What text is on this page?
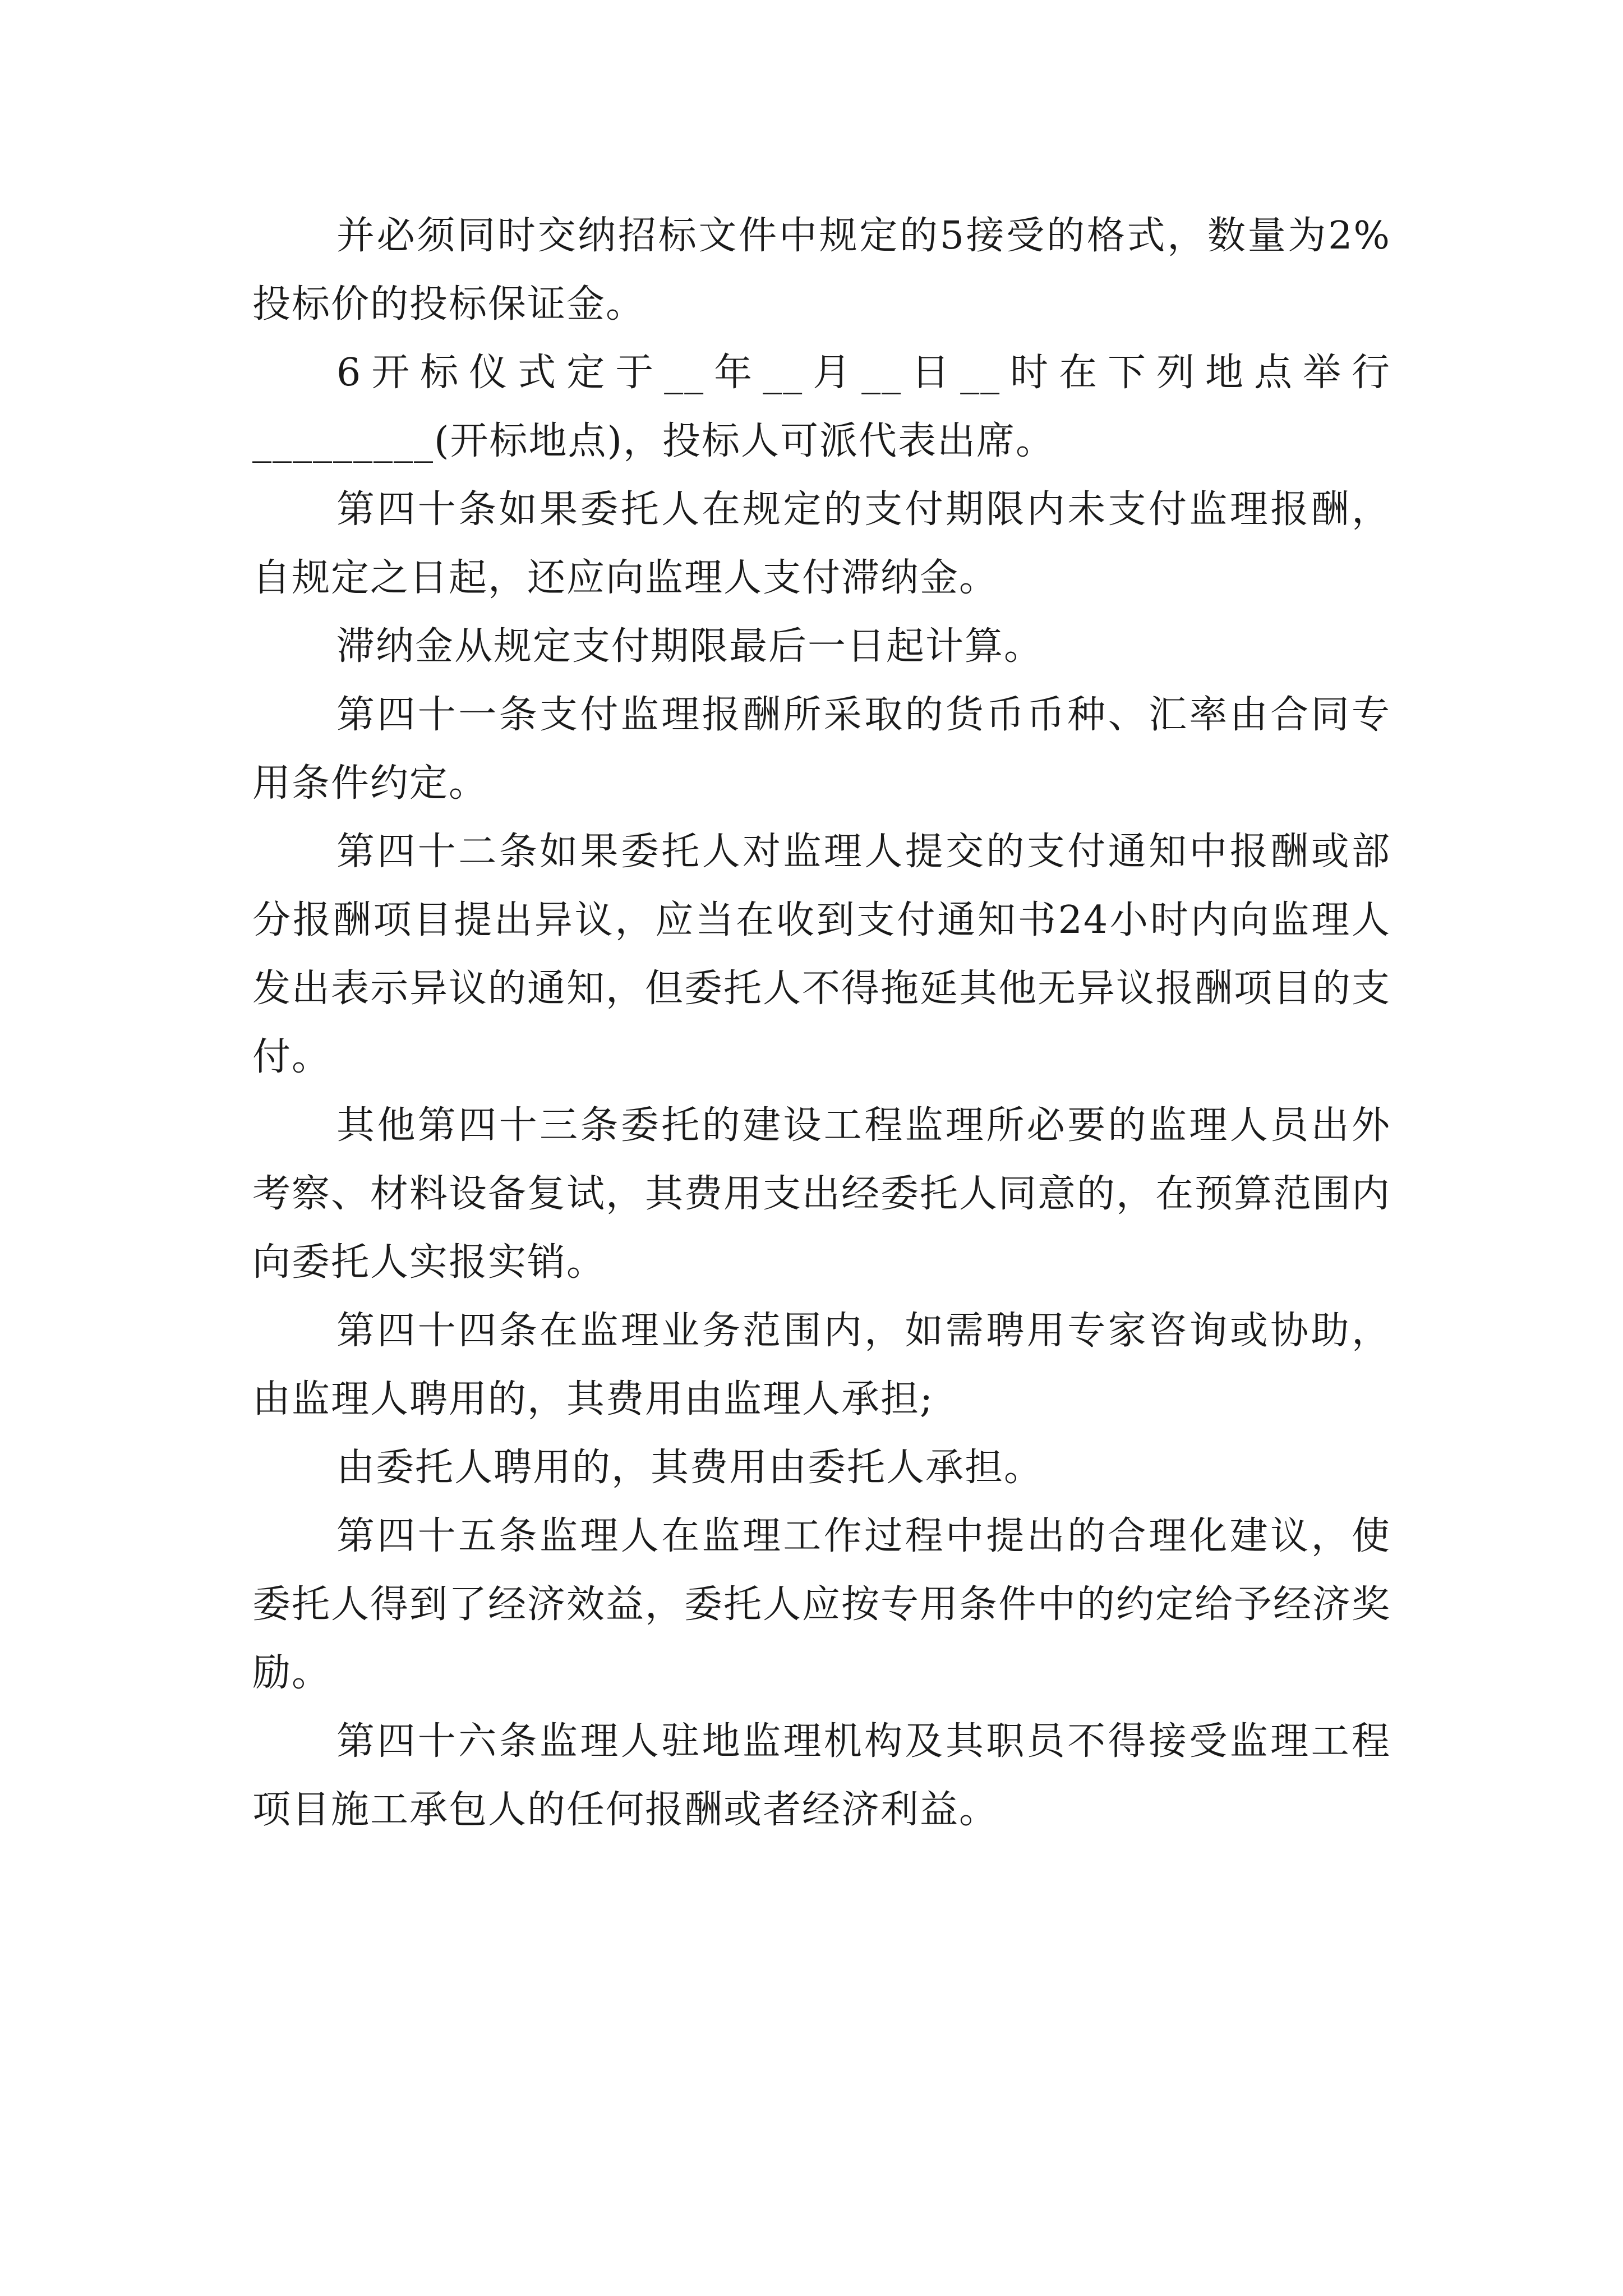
并必须同时交纳招标文件中规定的5接受的格式，数量为2%投标价的投标保证金。

6开标仪式定于__年__月__日__时在下列地点举行_________(开标地点)，投标人可派代表出席。

第四十条如果委托人在规定的支付期限内未支付监理报酬，自规定之日起，还应向监理人支付滞纳金。

滞纳金从规定支付期限最后一日起计算。

第四十一条支付监理报酬所采取的货币币种、汇率由合同专用条件约定。

第四十二条如果委托人对监理人提交的支付通知中报酬或部分报酬项目提出异议，应当在收到支付通知书24小时内向监理人发出表示异议的通知，但委托人不得拖延其他无异议报酬项目的支付。

其他第四十三条委托的建设工程监理所必要的监理人员出外考察、材料设备复试，其费用支出经委托人同意的，在预算范围内向委托人实报实销。

第四十四条在监理业务范围内，如需聘用专家咨询或协助，由监理人聘用的，其费用由监理人承担;

由委托人聘用的，其费用由委托人承担。

第四十五条监理人在监理工作过程中提出的合理化建议，使委托人得到了经济效益，委托人应按专用条件中的约定给予经济奖励。

第四十六条监理人驻地监理机构及其职员不得接受监理工程项目施工承包人的任何报酬或者经济利益。
